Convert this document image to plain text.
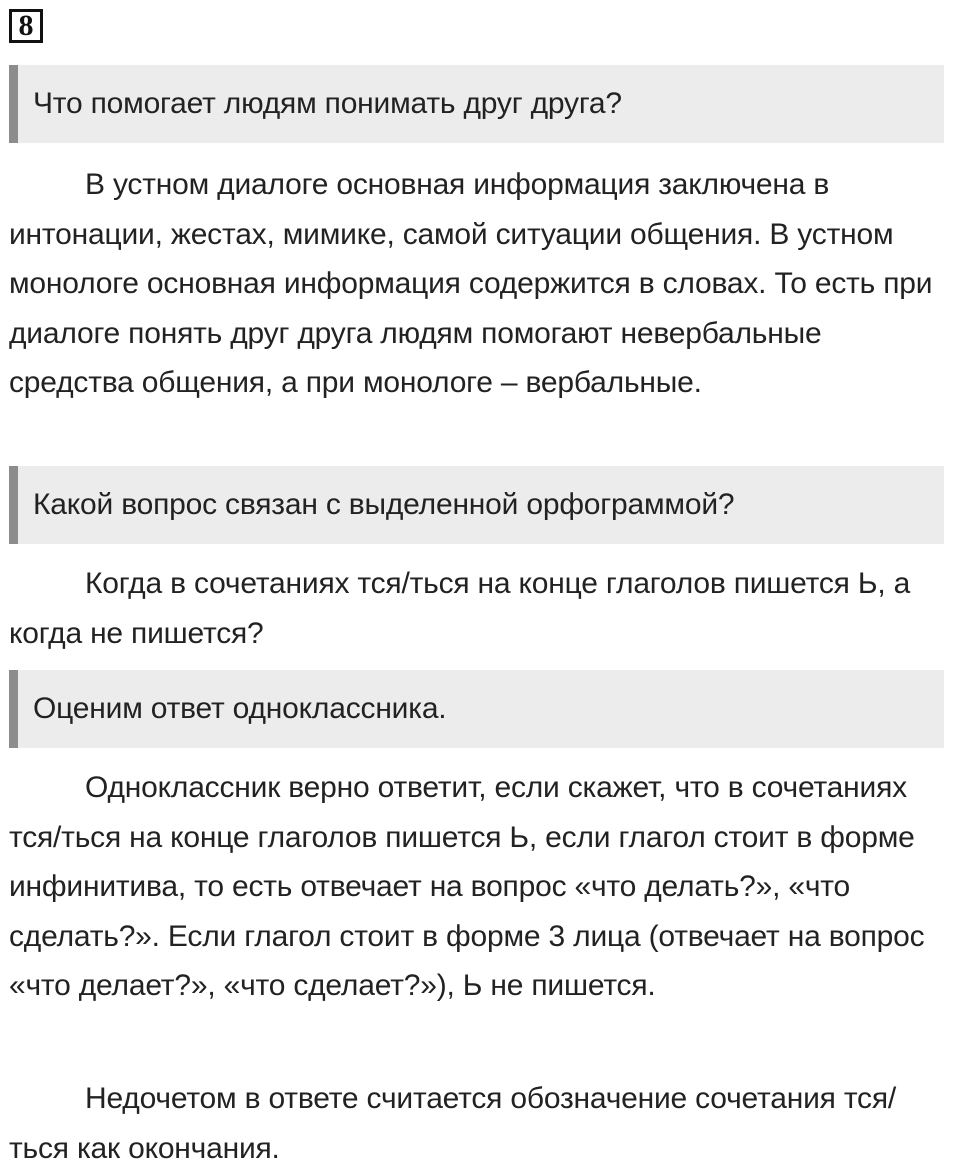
8
Что помогает людям понимать друг друга?

В устном диалоге основная информация заключена в интонации, жестах, мимике, самой ситуации общения. В устном монологе основная информация содержится в словах. То есть при диалоге понять друг друга людям помогают невербальные средства общения, а при монологе – вербальные.

Какой вопрос связан с выделенной орфограммой?

Когда в сочетаниях тся/ться на конце глаголов пишется Ь, а когда не пишется?

Оценим ответ одноклассника.

Одноклассник верно ответит, если скажет, что в сочетаниях тся/ться на конце глаголов пишется Ь, если глагол стоит в форме инфинитива, то есть отвечает на вопрос «что делать?», «что сделать?». Если глагол стоит в форме 3 лица (отвечает на вопрос «что делает?», «что сделает?»), Ь не пишется.

Недочетом в ответе считается обозначение сочетания тся/ться как окончания.
